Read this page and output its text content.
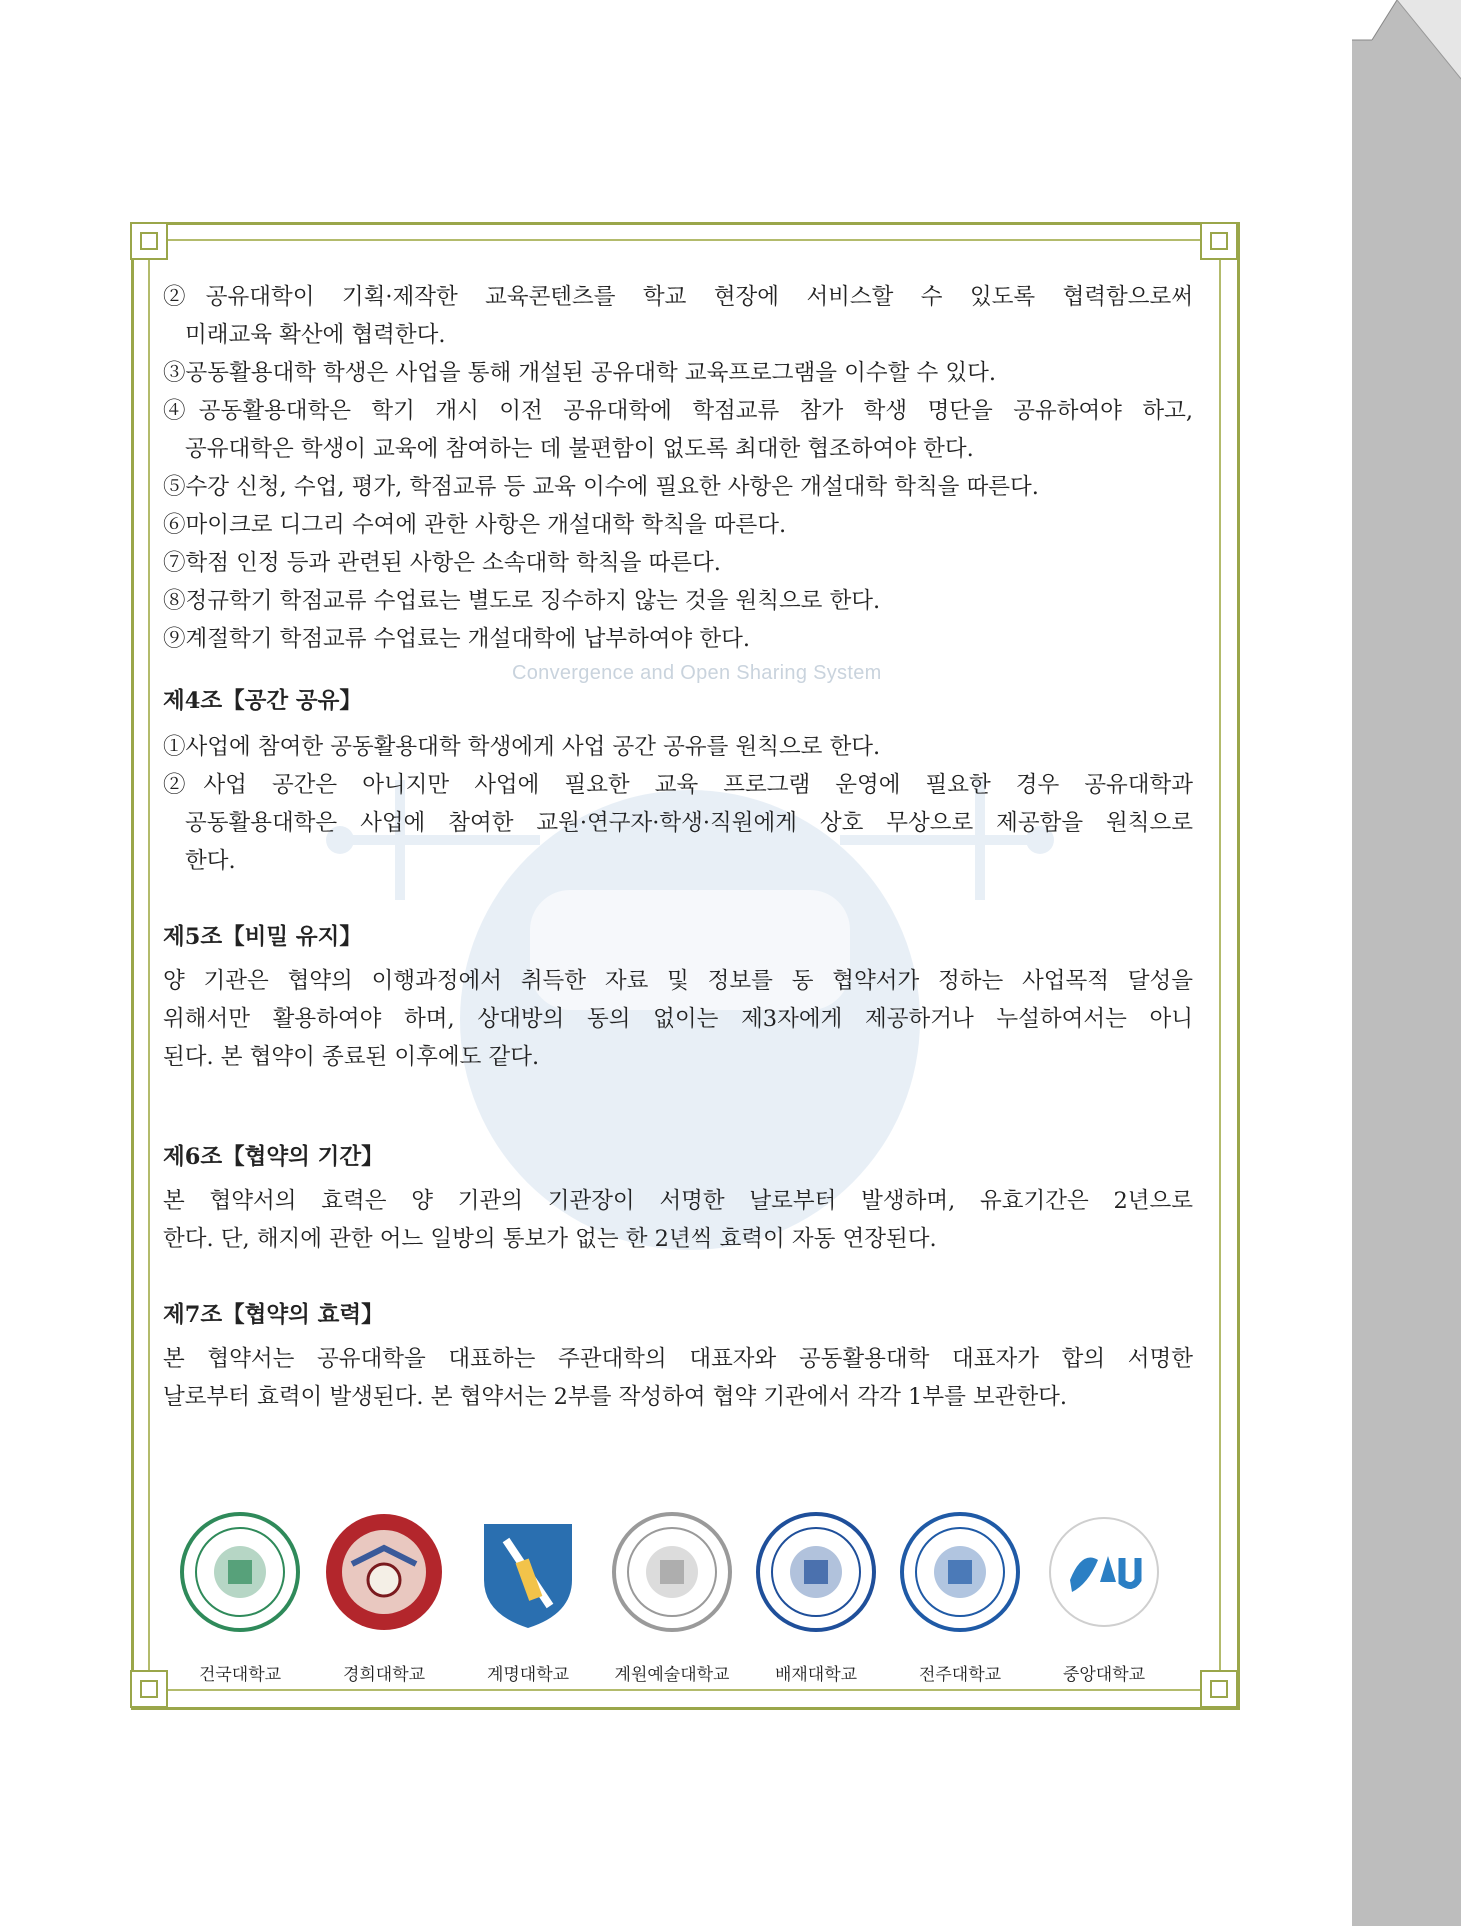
Convergence and Open Sharing System

②공유대학이 기획·제작한 교육콘텐츠를 학교 현장에 서비스할 수 있도록 협력함으로써

미래교육 확산에 협력한다.

③공동활용대학 학생은 사업을 통해 개설된 공유대학 교육프로그램을 이수할 수 있다.

④공동활용대학은 학기 개시 이전 공유대학에 학점교류 참가 학생 명단을 공유하여야 하고,

공유대학은 학생이 교육에 참여하는 데 불편함이 없도록 최대한 협조하여야 한다.

⑤수강 신청, 수업, 평가, 학점교류 등 교육 이수에 필요한 사항은 개설대학 학칙을 따른다.

⑥마이크로 디그리 수여에 관한 사항은 개설대학 학칙을 따른다.

⑦학점 인정 등과 관련된 사항은 소속대학 학칙을 따른다.

⑧정규학기 학점교류 수업료는 별도로 징수하지 않는 것을 원칙으로 한다.

⑨계절학기 학점교류 수업료는 개설대학에 납부하여야 한다.

제4조【공간 공유】

①사업에 참여한 공동활용대학 학생에게 사업 공간 공유를 원칙으로 한다.

②사업 공간은 아니지만 사업에 필요한 교육 프로그램 운영에 필요한 경우 공유대학과

공동활용대학은 사업에 참여한 교원·연구자·학생·직원에게 상호 무상으로 제공함을 원칙으로

한다.

제5조【비밀 유지】

양 기관은 협약의 이행과정에서 취득한 자료 및 정보를 동 협약서가 정하는 사업목적 달성을

위해서만 활용하여야 하며, 상대방의 동의 없이는 제3자에게 제공하거나 누설하여서는 아니

된다. 본 협약이 종료된 이후에도 같다.

제6조【협약의 기간】

본 협약서의 효력은 양 기관의 기관장이 서명한 날로부터 발생하며, 유효기간은 2년으로

한다. 단, 해지에 관한 어느 일방의 통보가 없는 한 2년씩 효력이 자동 연장된다.

제7조【협약의 효력】

본 협약서는 공유대학을 대표하는 주관대학의 대표자와 공동활용대학 대표자가 합의 서명한

날로부터 효력이 발생된다. 본 협약서는 2부를 작성하여 협약 기관에서 각각 1부를 보관한다.

건국대학교	경희대학교	계명대학교	계원예술대학교	배재대학교	전주대학교	중앙대학교
